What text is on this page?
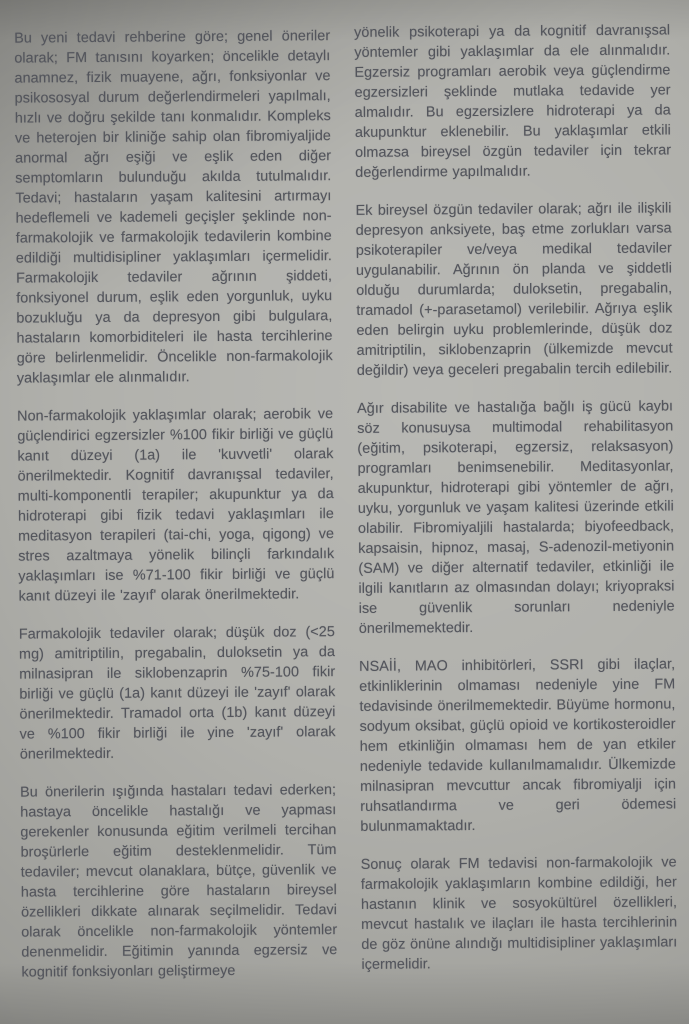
Bu yeni tedavi rehberine göre; genel öneriler olarak; FM tanısını koyarken; öncelikle detaylı anamnez, fizik muayene, ağrı, fonksiyonlar ve psikososyal durum değerlendirmeleri yapılmalı, hızlı ve doğru şekilde tanı konmalıdır. Kompleks ve heterojen bir kliniğe sahip olan fibromiyaljide anormal ağrı eşiği ve eşlik eden diğer semptomların bulunduğu akılda tutulmalıdır. Tedavi; hastaların yaşam kalitesini artırmayı hedeflemeli ve kademeli geçişler şeklinde non-farmakolojik ve farmakolojik tedavilerin kombine edildiği multidisipliner yaklaşımları içermelidir. Farmakolojik tedaviler ağrının şiddeti, fonksiyonel durum, eşlik eden yorgunluk, uyku bozukluğu ya da depresyon gibi bulgulara, hastaların komorbiditeleri ile hasta tercihlerine göre belirlenmelidir. Öncelikle non-farmakolojik yaklaşımlar ele alınmalıdır.

Non-farmakolojik yaklaşımlar olarak; aerobik ve güçlendirici egzersizler %100 fikir birliği ve güçlü kanıt düzeyi (1a) ile 'kuvvetli' olarak önerilmektedir. Kognitif davranışsal tedaviler, multi-komponentli terapiler; akupunktur ya da hidroterapi gibi fizik tedavi yaklaşımları ile meditasyon terapileri (tai-chi, yoga, qigong) ve stres azaltmaya yönelik bilinçli farkındalık yaklaşımları ise %71-100 fikir birliği ve güçlü kanıt düzeyi ile 'zayıf' olarak önerilmektedir.

Farmakolojik tedaviler olarak; düşük doz (<25 mg) amitriptilin, pregabalin, duloksetin ya da milnasipran ile siklobenzaprin %75-100 fikir birliği ve güçlü (1a) kanıt düzeyi ile 'zayıf' olarak önerilmektedir. Tramadol orta (1b) kanıt düzeyi ve %100 fikir birliği ile yine 'zayıf' olarak önerilmektedir.

Bu önerilerin ışığında hastaları tedavi ederken; hastaya öncelikle hastalığı ve yapması gerekenler konusunda eğitim verilmeli tercihan broşürlerle eğitim desteklenmelidir. Tüm tedaviler; mevcut olanaklara, bütçe, güvenlik ve hasta tercihlerine göre hastaların bireysel özellikleri dikkate alınarak seçilmelidir. Tedavi olarak öncelikle non-farmakolojik yöntemler denenmelidir. Eğitimin yanında egzersiz ve kognitif fonksiyonları geliştirmeye

yönelik psikoterapi ya da kognitif davranışsal yöntemler gibi yaklaşımlar da ele alınmalıdır. Egzersiz programları aerobik veya güçlendirme egzersizleri şeklinde mutlaka tedavide yer almalıdır. Bu egzersizlere hidroterapi ya da akupunktur eklenebilir. Bu yaklaşımlar etkili olmazsa bireysel özgün tedaviler için tekrar değerlendirme yapılmalıdır.

Ek bireysel özgün tedaviler olarak; ağrı ile ilişkili depresyon anksiyete, baş etme zorlukları varsa psikoterapiler ve/veya medikal tedaviler uygulanabilir. Ağrının ön planda ve şiddetli olduğu durumlarda; duloksetin, pregabalin, tramadol (+-parasetamol) verilebilir. Ağrıya eşlik eden belirgin uyku problemlerinde, düşük doz amitriptilin, siklobenzaprin (ülkemizde mevcut değildir) veya geceleri pregabalin tercih edilebilir.

Ağır disabilite ve hastalığa bağlı iş gücü kaybı söz konusuysa multimodal rehabilitasyon (eğitim, psikoterapi, egzersiz, relaksasyon) programları benimsenebilir. Meditasyonlar, akupunktur, hidroterapi gibi yöntemler de ağrı, uyku, yorgunluk ve yaşam kalitesi üzerinde etkili olabilir. Fibromiyaljili hastalarda; biyofeedback, kapsaisin, hipnoz, masaj, S-adenozil-metiyonin (SAM) ve diğer alternatif tedaviler, etkinliği ile ilgili kanıtların az olmasından dolayı; kriyopraksi ise güvenlik sorunları nedeniyle önerilmemektedir.

NSAİİ, MAO inhibitörleri, SSRI gibi ilaçlar, etkinliklerinin olmaması nedeniyle yine FM tedavisinde önerilmemektedir. Büyüme hormonu, sodyum oksibat, güçlü opioid ve kortikosteroidler hem etkinliğin olmaması hem de yan etkiler nedeniyle tedavide kullanılmamalıdır. Ülkemizde milnasipran mevcuttur ancak fibromiyalji için ruhsatlandırma ve geri ödemesi bulunmamaktadır.

Sonuç olarak FM tedavisi non-farmakolojik ve farmakolojik yaklaşımların kombine edildiği, her hastanın klinik ve sosyokültürel özellikleri, mevcut hastalık ve ilaçları ile hasta tercihlerinin de göz önüne alındığı multidisipliner yaklaşımları içermelidir.
